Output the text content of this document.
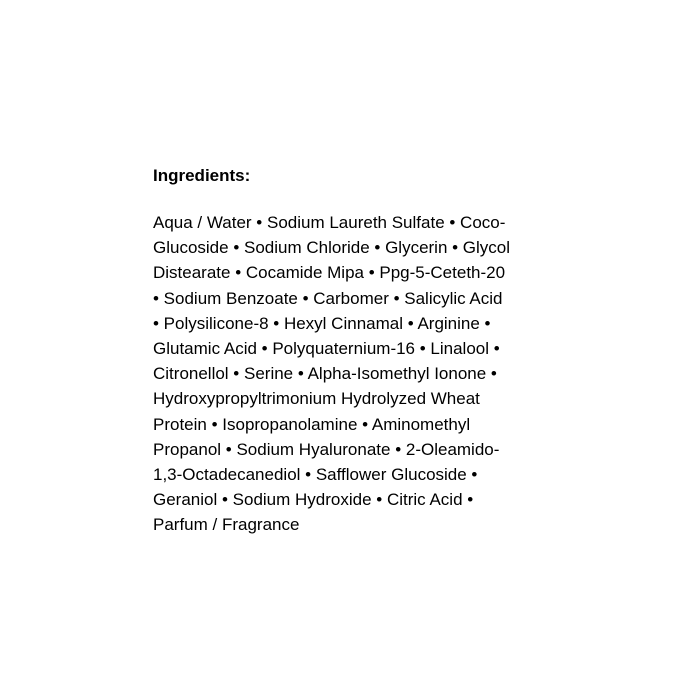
Ingredients:
Aqua / Water • Sodium Laureth Sulfate • Coco-
Glucoside • Sodium Chloride • Glycerin • Glycol
Distearate • Cocamide Mipa • Ppg-5-Ceteth-20
• Sodium Benzoate • Carbomer • Salicylic Acid
• Polysilicone-8 • Hexyl Cinnamal • Arginine •
Glutamic Acid • Polyquaternium-16 • Linalool •
Citronellol • Serine • Alpha-Isomethyl Ionone •
Hydroxypropyltrimonium Hydrolyzed Wheat
Protein • Isopropanolamine • Aminomethyl
Propanol • Sodium Hyaluronate • 2-Oleamido-
1,3-Octadecanediol • Safflower Glucoside •
Geraniol • Sodium Hydroxide • Citric Acid •
Parfum / Fragrance
